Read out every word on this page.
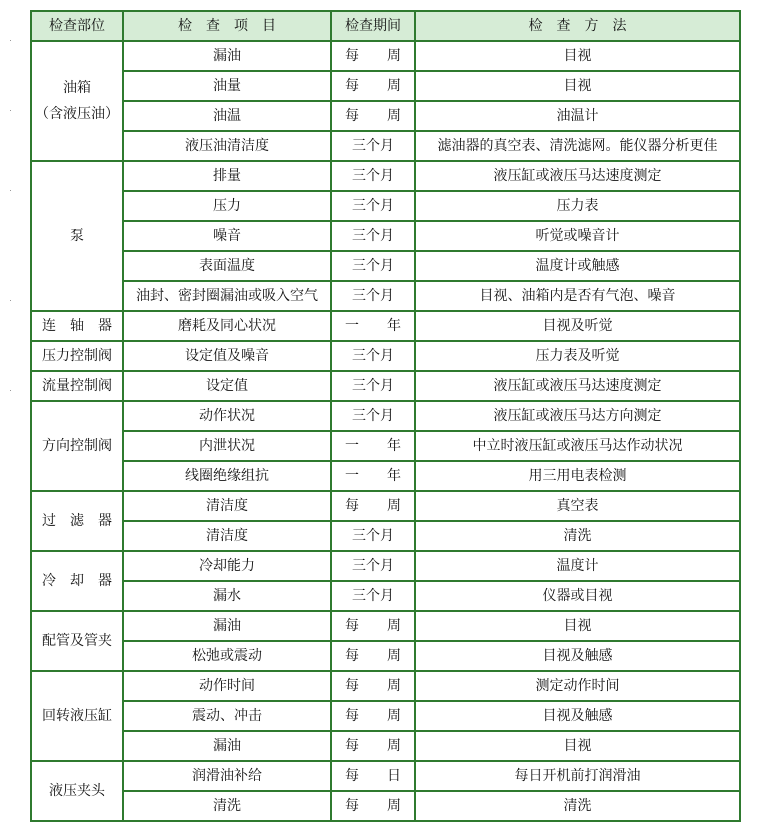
检查部位	检　查　项　目	检查期间	检　查　方　法
油箱
（含液压油）	漏油	每　　周	目视
	油量	每　　周	目视
	油温	每　　周	油温计
	液压油清洁度	三个月	滤油器的真空表、清洗滤网。能仪器分析更佳
泵	排量	三个月	液压缸或液压马达速度测定
	压力	三个月	压力表
	噪音	三个月	听觉或噪音计
	表面温度	三个月	温度计或触感
	油封、密封圈漏油或吸入空气	三个月	目视、油箱内是否有气泡、噪音
连　轴　器	磨耗及同心状况	一　　年	目视及听觉
压力控制阀	设定值及噪音	三个月	压力表及听觉
流量控制阀	设定值	三个月	液压缸或液压马达速度测定
方向控制阀	动作状况	三个月	液压缸或液压马达方向测定
	内泄状况	一　　年	中立时液压缸或液压马达作动状况
	线圈绝缘组抗	一　　年	用三用电表检测
过　滤　器	清洁度	每　　周	真空表
	清洁度	三个月	清洗
冷　却　器	冷却能力	三个月	温度计
	漏水	三个月	仪器或目视
配管及管夹	漏油	每　　周	目视
	松弛或震动	每　　周	目视及触感
回转液压缸	动作时间	每　　周	测定动作时间
	震动、冲击	每　　周	目视及触感
	漏油	每　　周	目视
液压夹头	润滑油补给	每　　日	每日开机前打润滑油
	清洗	每　　周	清洗
